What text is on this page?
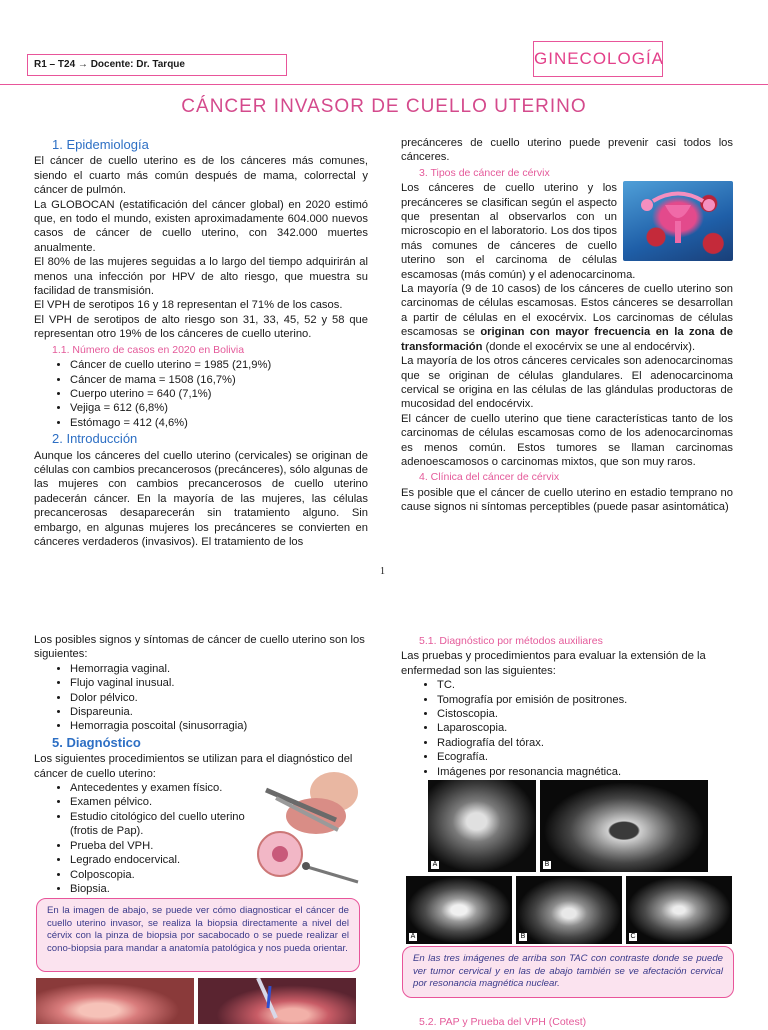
R1 – T24 → Docente: Dr. Tarque	GINECOLOGÍA
CÁNCER INVASOR DE CUELLO UTERINO

1. Epidemiología

El cáncer de cuello uterino es de los cánceres más comunes, siendo el cuarto más común después de mama, colorrectal y cáncer de pulmón.

La GLOBOCAN (estatificación del cáncer global) en 2020 estimó que, en todo el mundo, existen aproximadamente 604.000 nuevos casos de cáncer de cuello uterino, con 342.000 muertes anualmente.

El 80% de las mujeres seguidas a lo largo del tiempo adquirirán al menos una infección por HPV de alto riesgo, que muestra su facilidad de transmisión.

El VPH de serotipos 16 y 18 representan el 71% de los casos.

El VPH de serotipos de alto riesgo son 31, 33, 45, 52 y 58 que representan otro 19% de los cánceres de cuello uterino.

1.1. Número de casos en 2020 en Bolivia

• Cáncer de cuello uterino = 1985 (21,9%)
• Cáncer de mama = 1508 (16,7%)
• Cuerpo uterino = 640 (7,1%)
• Vejiga = 612 (6,8%)
• Estómago = 412 (4,6%)

2. Introducción

Aunque los cánceres del cuello uterino (cervicales) se originan de células con cambios precancerosos (precánceres), sólo algunas de las mujeres con cambios precancerosos de cuello uterino padecerán cáncer. En la mayoría de las mujeres, las células precancerosas desaparecerán sin tratamiento alguno. Sin embargo, en algunas mujeres los precánceres se convierten en cánceres verdaderos (invasivos). El tratamiento de los

precánceres de cuello uterino puede prevenir casi todos los cánceres.

3. Tipos de cáncer de cérvix

Los cánceres de cuello uterino y los precánceres se clasifican según el aspecto que presentan al observarlos con un microscopio en el laboratorio. Los dos tipos más comunes de cánceres de cuello uterino son el carcinoma de células escamosas (más común) y el adenocarcinoma.

La mayoría (9 de 10 casos) de los cánceres de cuello uterino son carcinomas de células escamosas. Estos cánceres se desarrollan a partir de células en el exocérvix. Los carcinomas de células escamosas se originan con mayor frecuencia en la zona de transformación (donde el exocérvix se une al endocérvix).

La mayoría de los otros cánceres cervicales son adenocarcinomas que se originan de células glandulares. El adenocarcinoma cervical se origina en las células de las glándulas productoras de mucosidad del endocérvix.

El cáncer de cuello uterino que tiene características tanto de los carcinomas de células escamosas como de los adenocarcinomas es menos común. Estos tumores se llaman carcinomas adenoescamosos o carcinomas mixtos, que son muy raros.

4. Clínica del cáncer de cérvix

Es posible que el cáncer de cuello uterino en estadio temprano no cause signos ni síntomas perceptibles (puede pasar asintomática)

1

Los posibles signos y síntomas de cáncer de cuello uterino son los siguientes:

• Hemorragia vaginal.
• Flujo vaginal inusual.
• Dolor pélvico.
• Dispareunia.
• Hemorragia poscoital (sinusorragia)

5. Diagnóstico

Los siguientes procedimientos se utilizan para el diagnóstico del cáncer de cuello uterino:

• Antecedentes y examen físico.
• Examen pélvico.
• Estudio citológico del cuello uterino (frotis de Pap).
• Prueba del VPH.
• Legrado endocervical.
• Colposcopia.
• Biopsia.
En la imagen de abajo, se puede ver cómo diagnosticar el cáncer de cuello uterino invasor, se realiza la biopsia directamente a nivel del cérvix con la pinza de biopsia por sacabocado o se puede realizar el cono-biopsia para mandar a anatomía patológica y nos pueda orientar.

5.1. Diagnóstico por métodos auxiliares

Las pruebas y procedimientos para evaluar la extensión de la enfermedad son las siguientes:

• TC.
• Tomografía por emisión de positrones.
• Cistoscopia.
• Laparoscopia.
• Radiografía del tórax.
• Ecografía.
• Imágenes por resonancia magnética.
A	B
A	B	C
En las tres imágenes de arriba son TAC con contraste donde se puede ver tumor cervical y en las de abajo también se ve afectación cervical por resonancia magnética nuclear.

5.2. PAP y Prueba del VPH (Cotest)
